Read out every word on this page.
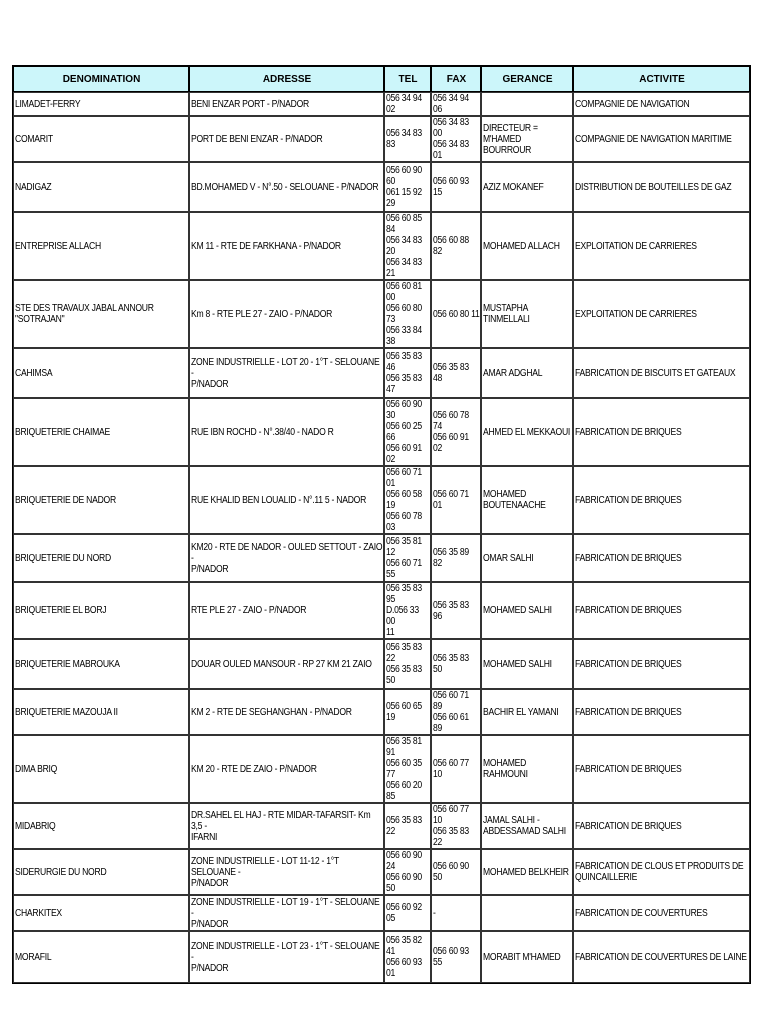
DENOMINATION	ADRESSE	TEL	FAX	GERANCE	ACTIVITE

LIMADET-FERRY	BENI ENZAR PORT - P/NADOR	056 34 94 02	056 34 94 06		COMPAGNIE DE NAVIGATION

COMARIT	PORT DE BENI ENZAR - P/NADOR	056 34 83 83	056 34 83 00
056 34 83 01	DIRECTEUR = M'HAMED
BOURROUR	COMPAGNIE DE NAVIGATION MARITIME

NADIGAZ	BD.MOHAMED V - N°.50 - SELOUANE - P/NADOR	056 60 90 60
061 15 92 29	056 60 93 15	AZIZ MOKANEF	DISTRIBUTION DE BOUTEILLES DE GAZ

ENTREPRISE ALLACH	KM 11 - RTE DE FARKHANA - P/NADOR	056 60 85 84
056 34 83 20
056 34 83 21	056 60 88 82	MOHAMED ALLACH	EXPLOITATION DE CARRIERES

STE DES TRAVAUX JABAL ANNOUR "SOTRAJAN"	Km 8 - RTE PLE 27 - ZAIO - P/NADOR	056 60 81 00
056 60 80 73
056 33 84 38	056 60 80 11	MUSTAPHA TINMELLALI	EXPLOITATION DE CARRIERES

CAHIMSA	ZONE INDUSTRIELLE - LOT 20 - 1°T - SELOUANE -
P/NADOR	056 35 83 46
056 35 83 47	056 35 83 48	AMAR ADGHAL	FABRICATION DE BISCUITS ET GATEAUX

BRIQUETERIE CHAIMAE	RUE IBN ROCHD - N°.38/40 - NADO R	056 60 90 30
056 60 25 66
056 60 91 02	056 60 78 74
056 60 91 02	AHMED EL MEKKAOUI	FABRICATION DE BRIQUES

BRIQUETERIE DE NADOR	RUE KHALID BEN LOUALID - N°.11 5 - NADOR	056 60 71 01
056 60 58 19
056 60 78 03	056 60 71 01	MOHAMED
BOUTENAACHE	FABRICATION DE BRIQUES

BRIQUETERIE DU NORD	KM20 - RTE DE NADOR - OULED SETTOUT - ZAIO -
P/NADOR	056 35 81 12
056 60 71 55	056 35 89 82	OMAR SALHI	FABRICATION DE BRIQUES

BRIQUETERIE EL BORJ	RTE PLE 27 - ZAIO - P/NADOR	056 35 83 95
D.056 33 00
11	056 35 83 96	MOHAMED SALHI	FABRICATION DE BRIQUES

BRIQUETERIE MABROUKA	DOUAR OULED MANSOUR - RP 27 KM 21 ZAIO	056 35 83 22
056 35 83 50	056 35 83 50	MOHAMED SALHI	FABRICATION DE BRIQUES

BRIQUETERIE MAZOUJA II	KM 2 - RTE DE SEGHANGHAN - P/NADOR	056 60 65 19	056 60 71 89
056 60 61 89	BACHIR EL YAMANI	FABRICATION DE BRIQUES

DIMA BRIQ	KM 20 - RTE DE ZAIO - P/NADOR	056 35 81 91
056 60 35 77
056 60 20 85	056 60 77 10	MOHAMED RAHMOUNI	FABRICATION DE BRIQUES

MIDABRIQ	DR.SAHEL EL HAJ - RTE MIDAR-TAFARSIT- Km 3,5 -
IFARNI	056 35 83 22	056 60 77 10
056 35 83 22	JAMAL SALHI -
ABDESSAMAD SALHI	FABRICATION DE BRIQUES

SIDERURGIE DU NORD	ZONE INDUSTRIELLE - LOT 11-12 - 1°T SELOUANE -
P/NADOR	056 60 90 24
056 60 90 50	056 60 90 50	MOHAMED BELKHEIR	FABRICATION DE CLOUS ET PRODUITS DE
QUINCAILLERIE

CHARKITEX	ZONE INDUSTRIELLE - LOT 19 - 1°T - SELOUANE -
P/NADOR	056 60 92 05	-		FABRICATION DE COUVERTURES

MORAFIL	ZONE INDUSTRIELLE - LOT 23 - 1°T - SELOUANE -
P/NADOR	056 35 82 41
056 60 93 01	056 60 93 55	MORABIT M'HAMED	FABRICATION DE COUVERTURES DE LAINE
